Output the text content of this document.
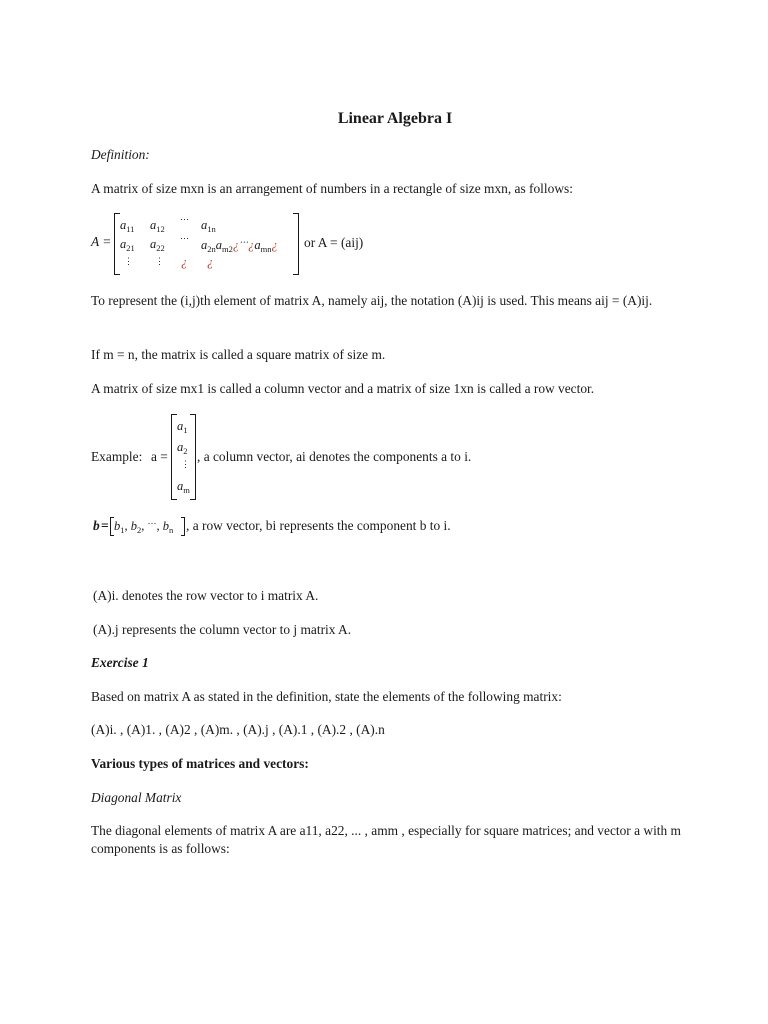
Linear Algebra I
Definition:
A matrix of size mxn is an arrangement of numbers in a rectangle of size mxn, as follows:
A =
$a_{11}$ $a_{12}$
⋯ $a_{1n}$
$a_{21}$ $a_{22}$
⋯ $a_{2n}a_{m2}¿^\cdots¿a_{mn}¿$
⋮ ⋮ ¿ ¿
or A = (aij)
To represent the (i,j)th element of matrix A, namely aij, the notation (A)ij is used. This means aij = (A)ij.
If m = n, the matrix is called a square matrix of size m.
A matrix of size mx1 is called a column vector and a matrix of size 1xn is called a row vector.
Example: a =
$a_1$
$a_2$
⋮
$a_m$
, a column vector, ai denotes the components a to i.
$b = b_1$, $b_2$, ⋯, $b_n$ , a row vector, bi represents the component b to i.
(A)i. denotes the row vector to i matrix A.
(A).j represents the column vector to j matrix A.
Exercise 1
Based on matrix A as stated in the definition, state the elements of the following matrix:
(A)i. , (A)1. , (A)2 , (A)m. , (A).j , (A).1 , (A).2 , (A).n
Various types of matrices and vectors:
Diagonal Matrix
The diagonal elements of matrix A are a11, a22, ... , amm , especially for square matrices; and vector a with m components is as follows:
